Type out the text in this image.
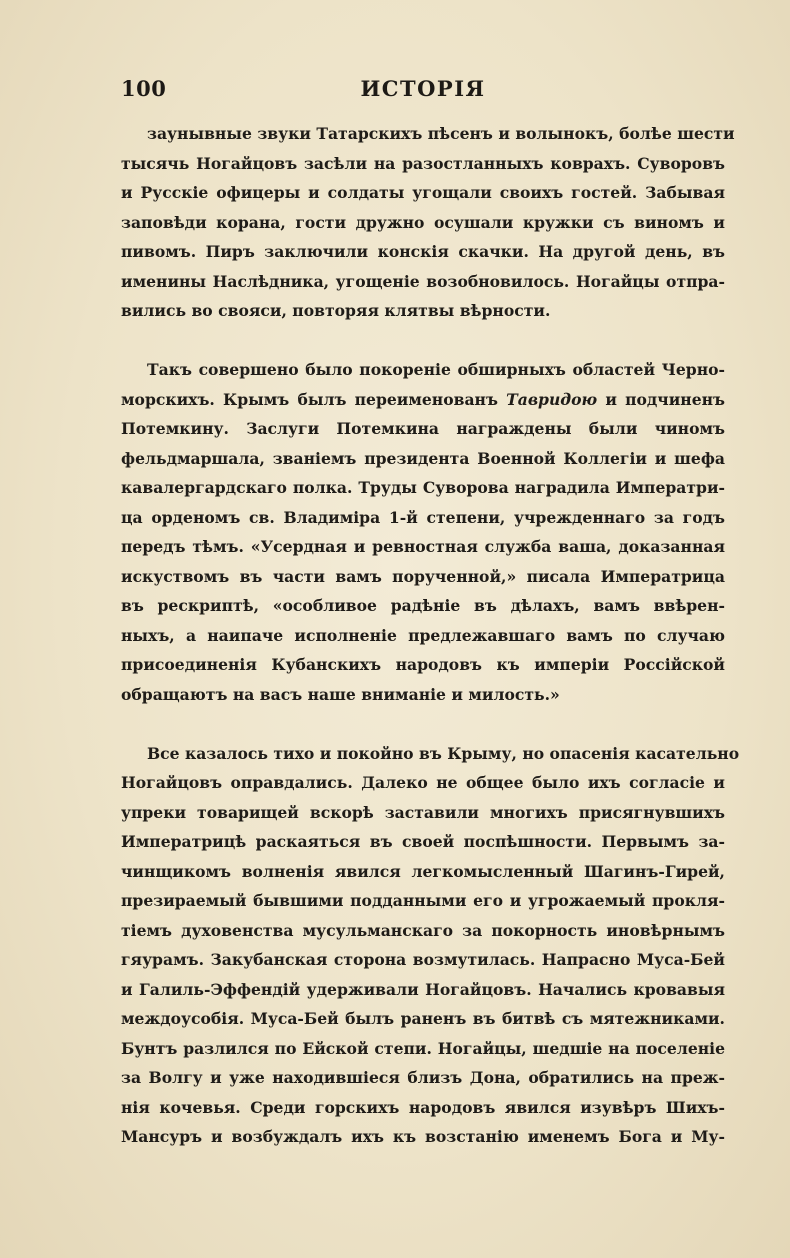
100	ИСТОРІЯ
заунывные звуки Татарскихъ пѣсенъ и волынокъ, болѣе шести
тысячь Ногайцовъ засѣли на разостланныхъ коврахъ. Суворовъ
и Русскіе офицеры и солдаты угощали своихъ гостей. Забывая
заповѣди корана, гости дружно осушали кружки съ виномъ и
пивомъ. Пиръ заключили конскія скачки. На другой день, въ
именины Наслѣдника, угощеніе возобновилось. Ногайцы отпра-
вились во свояси, повторяя клятвы вѣрности.
Такъ совершено было покореніе обширныхъ областей Черно-
морскихъ. Крымъ былъ переименованъ Тавридою и подчиненъ
Потемкину. Заслуги Потемкина награждены были чиномъ
фельдмаршала, званіемъ президента Военной Коллегіи и шефа
кавалергардскаго полка. Труды Суворова наградила Императри-
ца орденомъ св. Владиміра 1-й степени, учрежденнаго за годъ
передъ тѣмъ. «Усердная и ревностная служба ваша, доказанная
искуствомъ въ части вамъ порученной,» писала Императрица
въ рескриптѣ, «особливое радѣніе въ дѣлахъ, вамъ ввѣрен-
ныхъ, а наипаче исполненіе предлежавшаго вамъ по случаю
присоединенія Кубанскихъ народовъ къ имперіи Россійской
обращаютъ на васъ наше вниманіе и милость.»
Все казалось тихо и покойно въ Крыму, но опасенія касательно
Ногайцовъ оправдались. Далеко не общее было ихъ согласіе и
упреки товарищей вскорѣ заставили многихъ присягнувшихъ
Императрицѣ раскаяться въ своей поспѣшности. Первымъ за-
чинщикомъ волненія явился легкомысленный Шагинъ-Гирей,
презираемый бывшими подданными его и угрожаемый прокля-
тіемъ духовенства мусульманскаго за покорность иновѣрнымъ
гяурамъ. Закубанская сторона возмутилась. Напрасно Муса-Бей
и Галиль-Эффендій удерживали Ногайцовъ. Начались кровавыя
междоусобія. Муса-Бей былъ раненъ въ битвѣ съ мятежниками.
Бунтъ разлился по Ейской степи. Ногайцы, шедшіе на поселеніе
за Волгу и уже находившіеся близъ Дона, обратились на преж-
нія кочевья. Среди горскихъ народовъ явился изувѣръ Шихъ-
Мансуръ и возбуждалъ ихъ къ возстанію именемъ Бога и Му-
